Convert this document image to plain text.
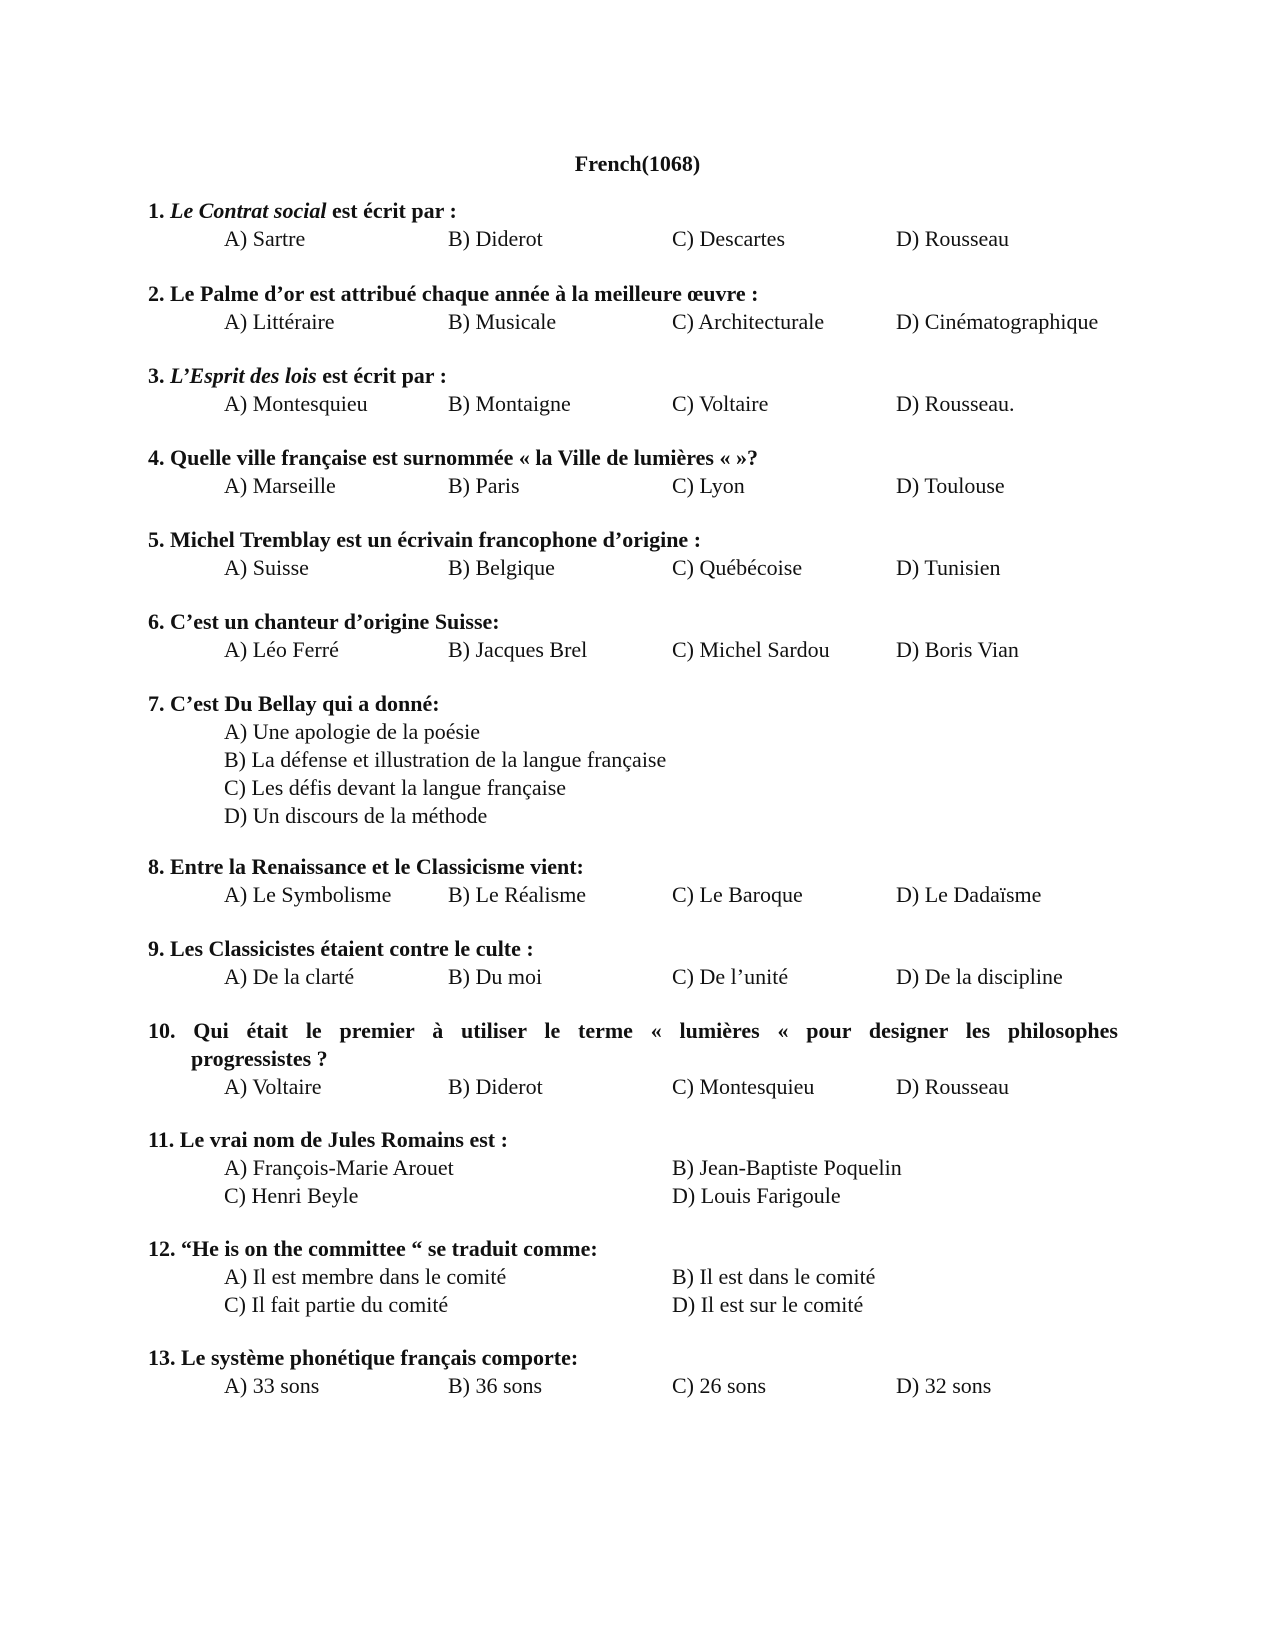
French(1068)
1. Le Contrat social est écrit par :
A) Sartre	B) Diderot	C) Descartes	D) Rousseau
2. Le Palme d’or est attribué chaque année à la meilleure œuvre :
A) Littéraire	B) Musicale	C) Architecturale	D) Cinématographique
3. L’Esprit des lois est écrit par :
A) Montesquieu	B) Montaigne	C) Voltaire	D) Rousseau.
4. Quelle ville française est surnommée « la Ville de lumières « »?
A) Marseille	B) Paris	C) Lyon	D) Toulouse
5. Michel Tremblay est un écrivain francophone d’origine :
A) Suisse	B) Belgique	C) Québécoise	D) Tunisien
6. C’est un chanteur d’origine Suisse:
A) Léo Ferré	B) Jacques Brel	C) Michel Sardou	D) Boris Vian
7. C’est Du Bellay qui a donné:
A) Une apologie de la poésie
B) La défense et illustration de la langue française
C) Les défis devant la langue française
D) Un discours de la méthode
8. Entre la Renaissance et le Classicisme vient:
A) Le Symbolisme	B) Le Réalisme	C) Le Baroque	D) Le Dadaïsme
9. Les Classicistes étaient contre le culte :
A) De la clarté	B) Du moi	C) De l’unité	D) De la discipline
10. Qui était le premier à utiliser le terme « lumières « pour designer les philosophes
progressistes ?
A) Voltaire	B) Diderot	C) Montesquieu	D) Rousseau
11. Le vrai nom de Jules Romains est :
A) François-Marie Arouet	B) Jean-Baptiste Poquelin
C) Henri Beyle	D) Louis Farigoule
12. “He is on the committee “ se traduit comme:
A) Il est membre dans le comité	B) Il est dans le comité
C) Il fait partie du comité	D) Il est sur le comité
13. Le système phonétique français comporte:
A) 33 sons	B) 36 sons	C) 26 sons	D) 32 sons
